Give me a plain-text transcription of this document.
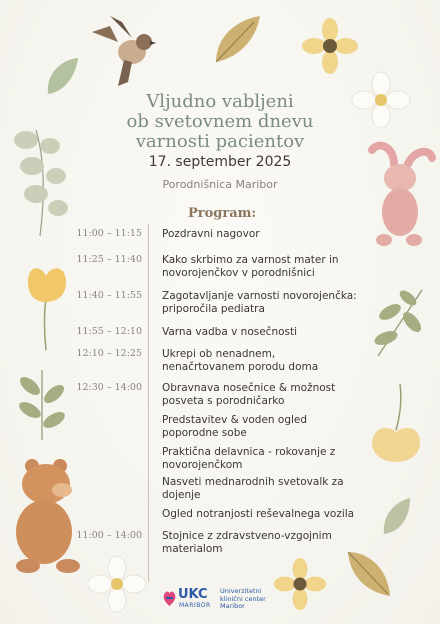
Vljudno vabljeni
ob svetovnem dnevu
varnosti pacientov
17. september 2025
Porodnišnica Maribor
Program:
11:00 – 11:15 Pozdravni nagovor
11:25 – 11:40 Kako skrbimo za varnost mater in
novorojenčkov v porodnišnici
11:40 – 11:55 Zagotavljanje varnosti novorojenčka:
priporočila pediatra
11:55 – 12:10 Varna vadba v nosečnosti
12:10 – 12:25 Ukrepi ob nenadnem,
nenačrtovanem porodu doma
12:30 – 14:00 Obravnava nosečnice & možnost
posveta s porodničarko
Predstavitev & voden ogled
poporodne sobe
Praktična delavnica - rokovanje z
novorojenčkom
Nasveti mednarodnih svetovalk za
dojenje
Ogled notranjosti reševalnega vozila
11:00 – 14:00 Stojnice z zdravstveno-vzgojnim
materialom
UKC
MARIBOR
Univerzitetni
klinični center
Maribor
